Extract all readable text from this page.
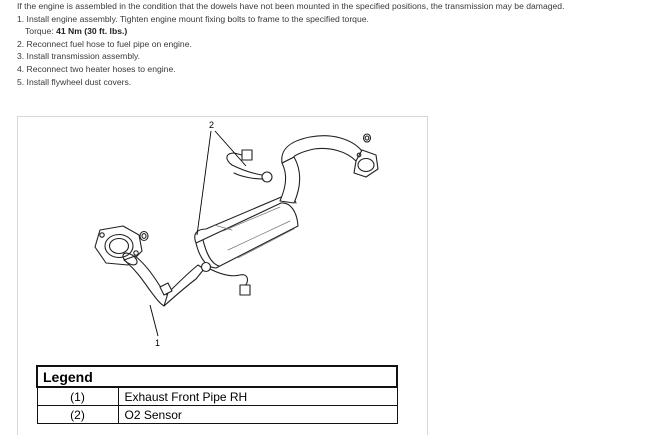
If the engine is assembled in the condition that the dowels have not been mounted in the specified positions, the transmission may be damaged.

1. Install engine assembly. Tighten engine mount fixing bolts to frame to the specified torque.
Torque: 41 Nm (30 ft. lbs.)
2. Reconnect fuel hose to fuel pipe on engine.
3. Install transmission assembly.
4. Reconnect two heater hoses to engine.
5. Install flywheel dust covers.
2
1
Legend	
(1)	Exhaust Front Pipe RH
(2)	O2 Sensor
